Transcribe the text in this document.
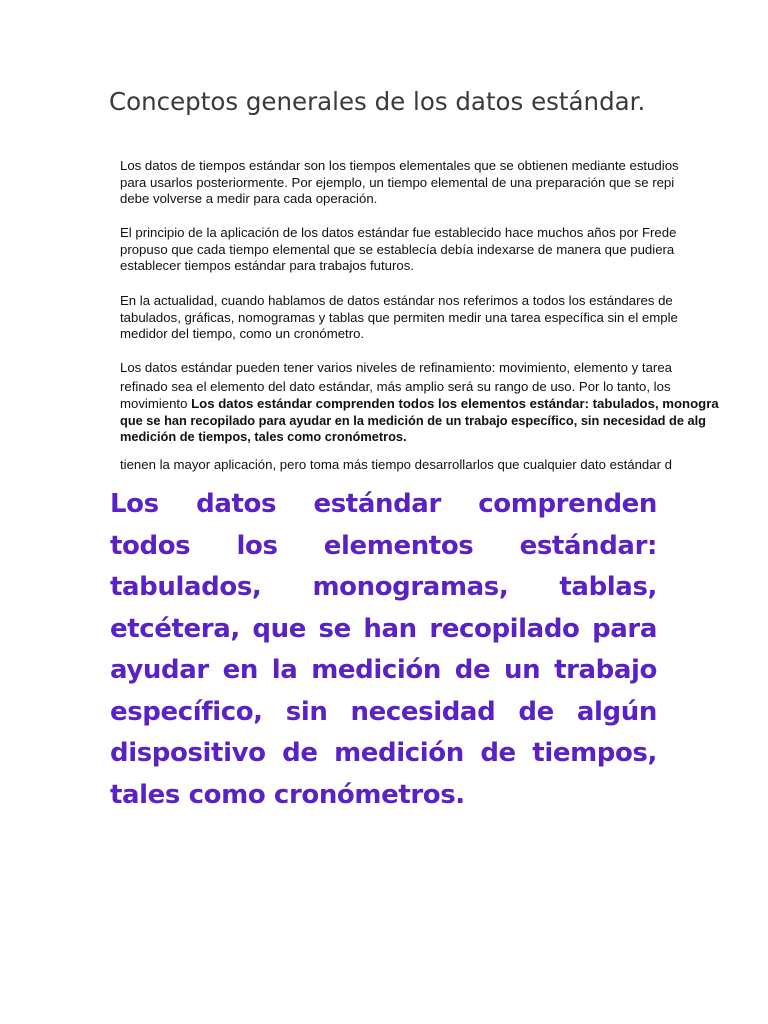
Conceptos generales de los datos estándar.
Los datos de tiempos estándar son los tiempos elementales que se obtienen mediante estudios
para usarlos posteriormente. Por ejemplo, un tiempo elemental de una preparación que se repi
debe volverse a medir para cada operación.
El principio de la aplicación de los datos estándar fue establecido hace muchos años por Frede
propuso que cada tiempo elemental que se establecía debía indexarse de manera que pudiera
establecer tiempos estándar para trabajos futuros.
En la actualidad, cuando hablamos de datos estándar nos referimos a todos los estándares de
tabulados, gráficas, nomogramas y tablas que permiten medir una tarea específica sin el emple
medidor del tiempo, como un cronómetro.
Los datos estándar pueden tener varios niveles de refinamiento: movimiento, elemento y tarea
refinado sea el elemento del dato estándar, más amplio será su rango de uso. Por lo tanto, los
movimiento Los datos estándar comprenden todos los elementos estándar: tabulados, monogra
que se han recopilado para ayudar en la medición de un trabajo específico, sin necesidad de alg
medición de tiempos, tales como cronómetros.
tienen la mayor aplicación, pero toma más tiempo desarrollarlos que cualquier dato estándar d

Los datos estándar comprenden todos los elementos estándar: tabulados, monogramas, tablas, etcétera, que se han recopilado para ayudar en la medición de un trabajo específico, sin necesidad de algún dispositivo de medición de tiempos, tales como cronómetros.
